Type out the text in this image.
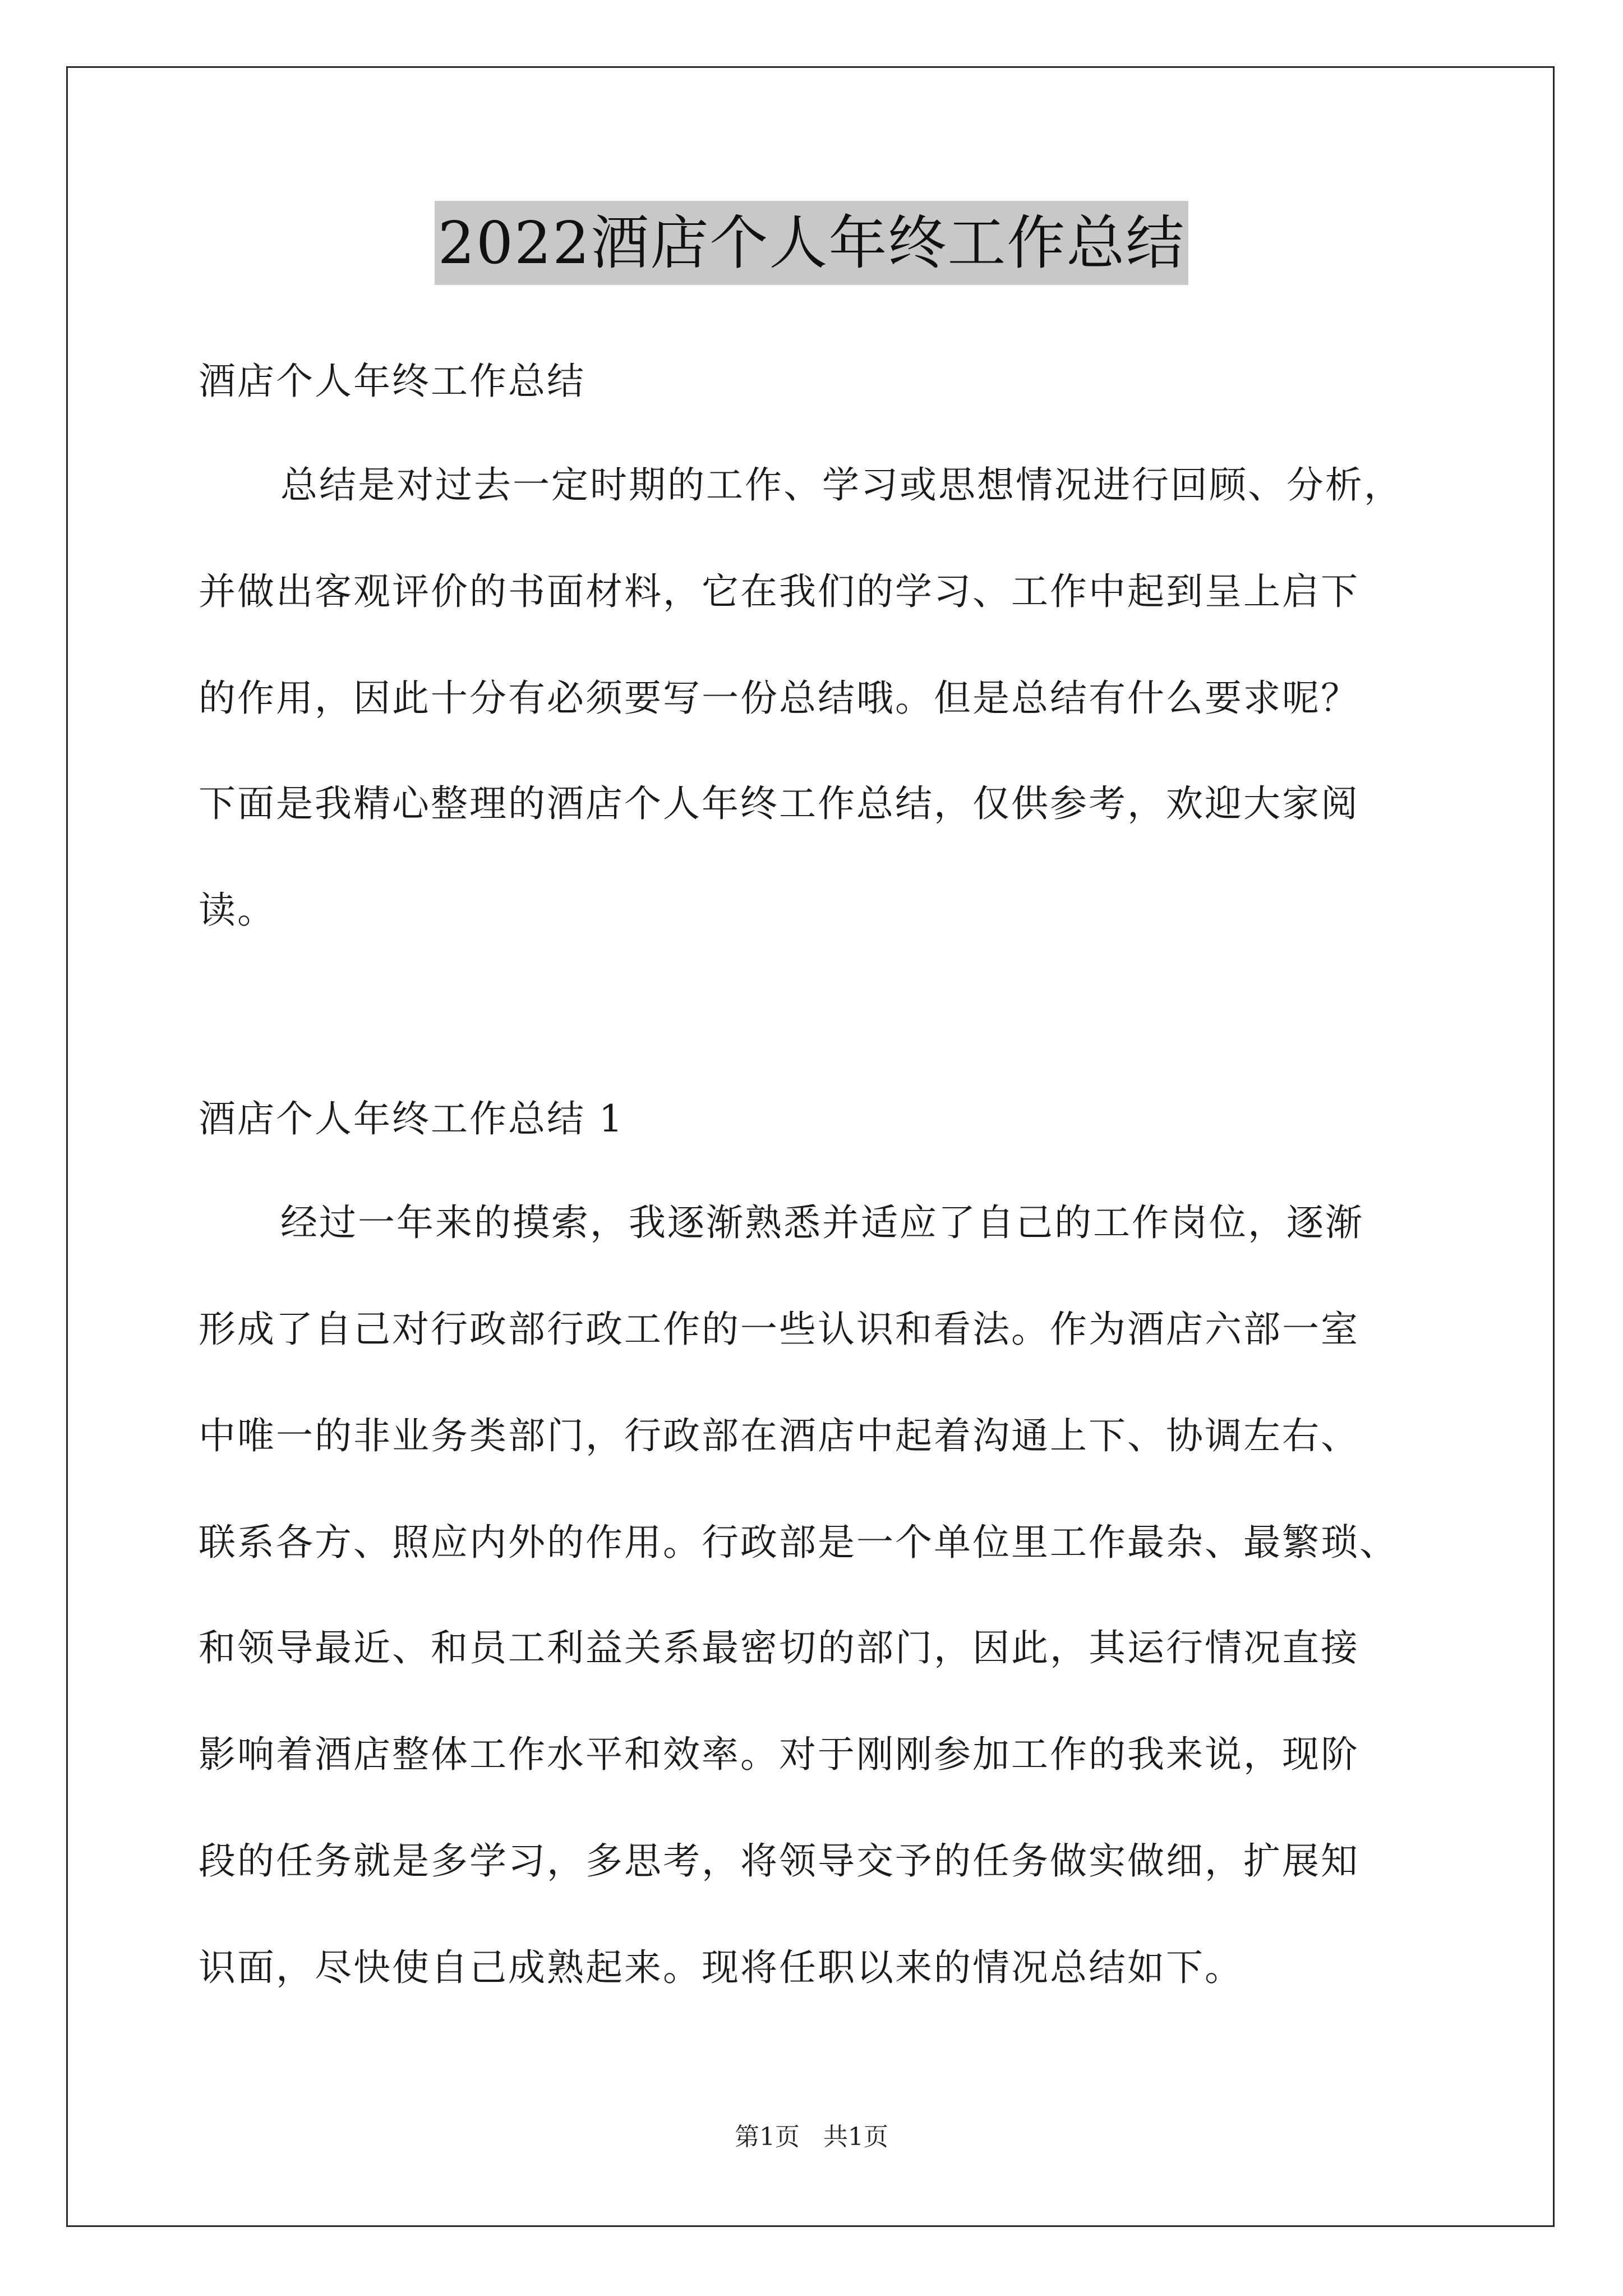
2022酒店个人年终工作总结
酒店个人年终工作总结
总结是对过去一定时期的工作、学习或思想情况进行回顾、分析，
并做出客观评价的书面材料，它在我们的学习、工作中起到呈上启下
的作用，因此十分有必须要写一份总结哦。但是总结有什么要求呢？
下面是我精心整理的酒店个人年终工作总结，仅供参考，欢迎大家阅
读。
酒店个人年终工作总结 1
经过一年来的摸索，我逐渐熟悉并适应了自己的工作岗位，逐渐
形成了自己对行政部行政工作的一些认识和看法。作为酒店六部一室
中唯一的非业务类部门，行政部在酒店中起着沟通上下、协调左右、
联系各方、照应内外的作用。行政部是一个单位里工作最杂、最繁琐、
和领导最近、和员工利益关系最密切的部门，因此，其运行情况直接
影响着酒店整体工作水平和效率。对于刚刚参加工作的我来说，现阶
段的任务就是多学习，多思考，将领导交予的任务做实做细，扩展知
识面，尽快使自己成熟起来。现将任职以来的情况总结如下。
第1页 共1页
